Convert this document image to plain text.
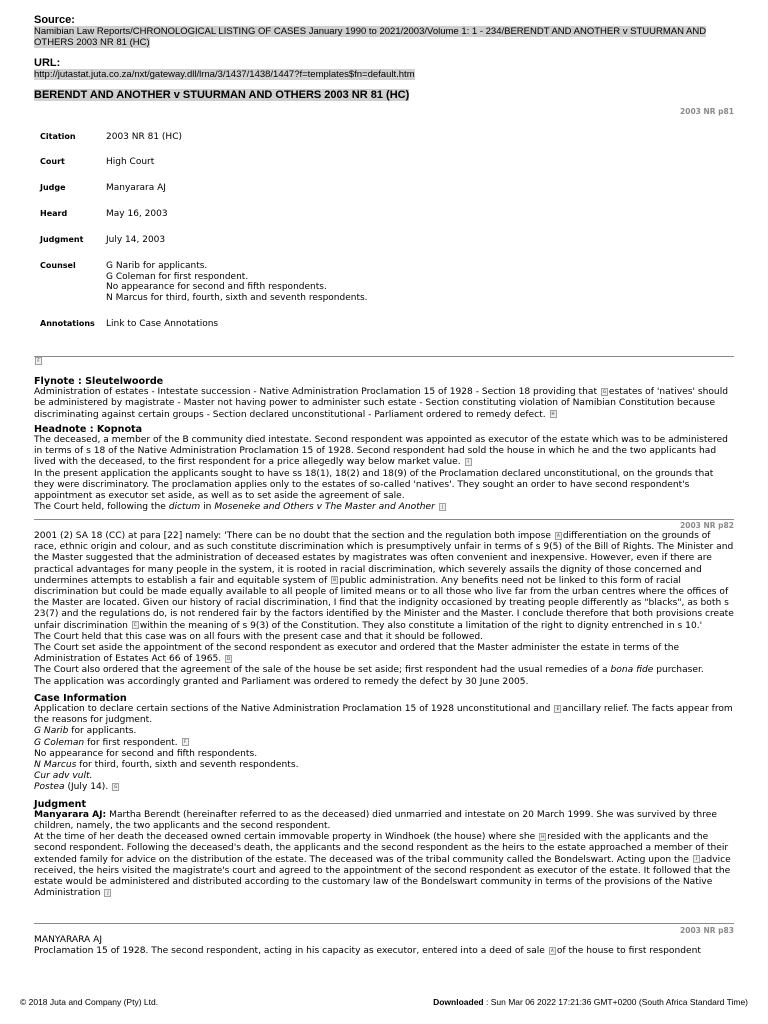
Source:
Namibian Law Reports/CHRONOLOGICAL LISTING OF CASES January 1990 to 2021/2003/Volume 1: 1 - 234/BERENDT AND ANOTHER v STUURMAN AND
OTHERS 2003 NR 81 (HC)
URL:
http://jutastat.juta.co.za/nxt/gateway.dll/lrna/3/1437/1438/1447?f=templates$fn=default.htm
BERENDT AND ANOTHER v STUURMAN AND OTHERS 2003 NR 81 (HC)
2003 NR p81
Citation	2003 NR 81 (HC)
Court	High Court
Judge	Manyarara AJ
Heard	May 16, 2003
Judgment	July 14, 2003
Counsel	G Narib for applicants.
G Coleman for first respondent.
No appearance for second and fifth respondents.
N Marcus for third, fourth, sixth and seventh respondents.
Annotations	Link to Case Annotations
F

Flynote : Sleutelwoorde

Administration of estates - Intestate succession - Native Administration Proclamation 15 of 1928 - Section 18 providing that G estates of 'natives' should be administered by magistrate - Master not having power to administer such estate - Section constituting violation of Namibian Constitution because discriminating against certain groups - Section declared unconstitutional - Parliament ordered to remedy defect. H

Headnote : Kopnota

The deceased, a member of the B community died intestate. Second respondent was appointed as executor of the estate which was to be administered in terms of s 18 of the Native Administration Proclamation 15 of 1928. Second respondent had sold the house in which he and the two applicants had lived with the deceased, to the first respondent for a price allegedly way below market value. I

In the present application the applicants sought to have ss 18(1), 18(2) and 18(9) of the Proclamation declared unconstitutional, on the grounds that they were discriminatory. The proclamation applies only to the estates of so-called 'natives'. They sought an order to have second respondent's appointment as executor set aside, as well as to set aside the agreement of sale.

The Court held, following the dictum in Moseneke and Others v The Master and Another J

2003 NR p82

2001 (2) SA 18 (CC) at para [22] namely: 'There can be no doubt that the section and the regulation both impose A differentiation on the grounds of race, ethnic origin and colour, and as such constitute discrimination which is presumptively unfair in terms of s 9(5) of the Bill of Rights. The Minister and the Master suggested that the administration of deceased estates by magistrates was often convenient and inexpensive. However, even if there are practical advantages for many people in the system, it is rooted in racial discrimination, which severely assails the dignity of those concerned and undermines attempts to establish a fair and equitable system of B public administration. Any benefits need not be linked to this form of racial discrimination but could be made equally available to all people of limited means or to all those who live far from the urban centres where the offices of the Master are located. Given our history of racial discrimination, I find that the indignity occasioned by treating people differently as "blacks", as both s 23(7) and the regulations do, is not rendered fair by the factors identified by the Minister and the Master. I conclude therefore that both provisions create unfair discrimination C within the meaning of s 9(3) of the Constitution. They also constitute a limitation of the right to dignity entrenched in s 10.'

The Court held that this case was on all fours with the present case and that it should be followed.

The Court set aside the appointment of the second respondent as executor and ordered that the Master administer the estate in terms of the Administration of Estates Act 66 of 1965. D

The Court also ordered that the agreement of the sale of the house be set aside; first respondent had the usual remedies of a bona fide purchaser.

The application was accordingly granted and Parliament was ordered to remedy the defect by 30 June 2005.

Case Information

Application to declare certain sections of the Native Administration Proclamation 15 of 1928 unconstitutional and E ancillary relief. The facts appear from the reasons for judgment.

G Narib for applicants.

G Coleman for first respondent. F

No appearance for second and fifth respondents.

N Marcus for third, fourth, sixth and seventh respondents.

Cur adv vult.

Postea (July 14). G

Judgment

Manyarara AJ: Martha Berendt (hereinafter referred to as the deceased) died unmarried and intestate on 20 March 1999. She was survived by three children, namely, the two applicants and the second respondent.

At the time of her death the deceased owned certain immovable property in Windhoek (the house) where she H resided with the applicants and the second respondent. Following the deceased's death, the applicants and the second respondent as the heirs to the estate approached a member of their extended family for advice on the distribution of the estate. The deceased was of the tribal community called the Bondelswart. Acting upon the I advice received, the heirs visited the magistrate's court and agreed to the appointment of the second respondent as executor of the estate. It followed that the estate would be administered and distributed according to the customary law of the Bondelswart community in terms of the provisions of the Native Administration J

2003 NR p83

MANYARARA AJ

Proclamation 15 of 1928. The second respondent, acting in his capacity as executor, entered into a deed of sale A of the house to first respondent

© 2018 Juta and Company (Pty) Ltd.	Downloaded : Sun Mar 06 2022 17:21:36 GMT+0200 (South Africa Standard Time)
